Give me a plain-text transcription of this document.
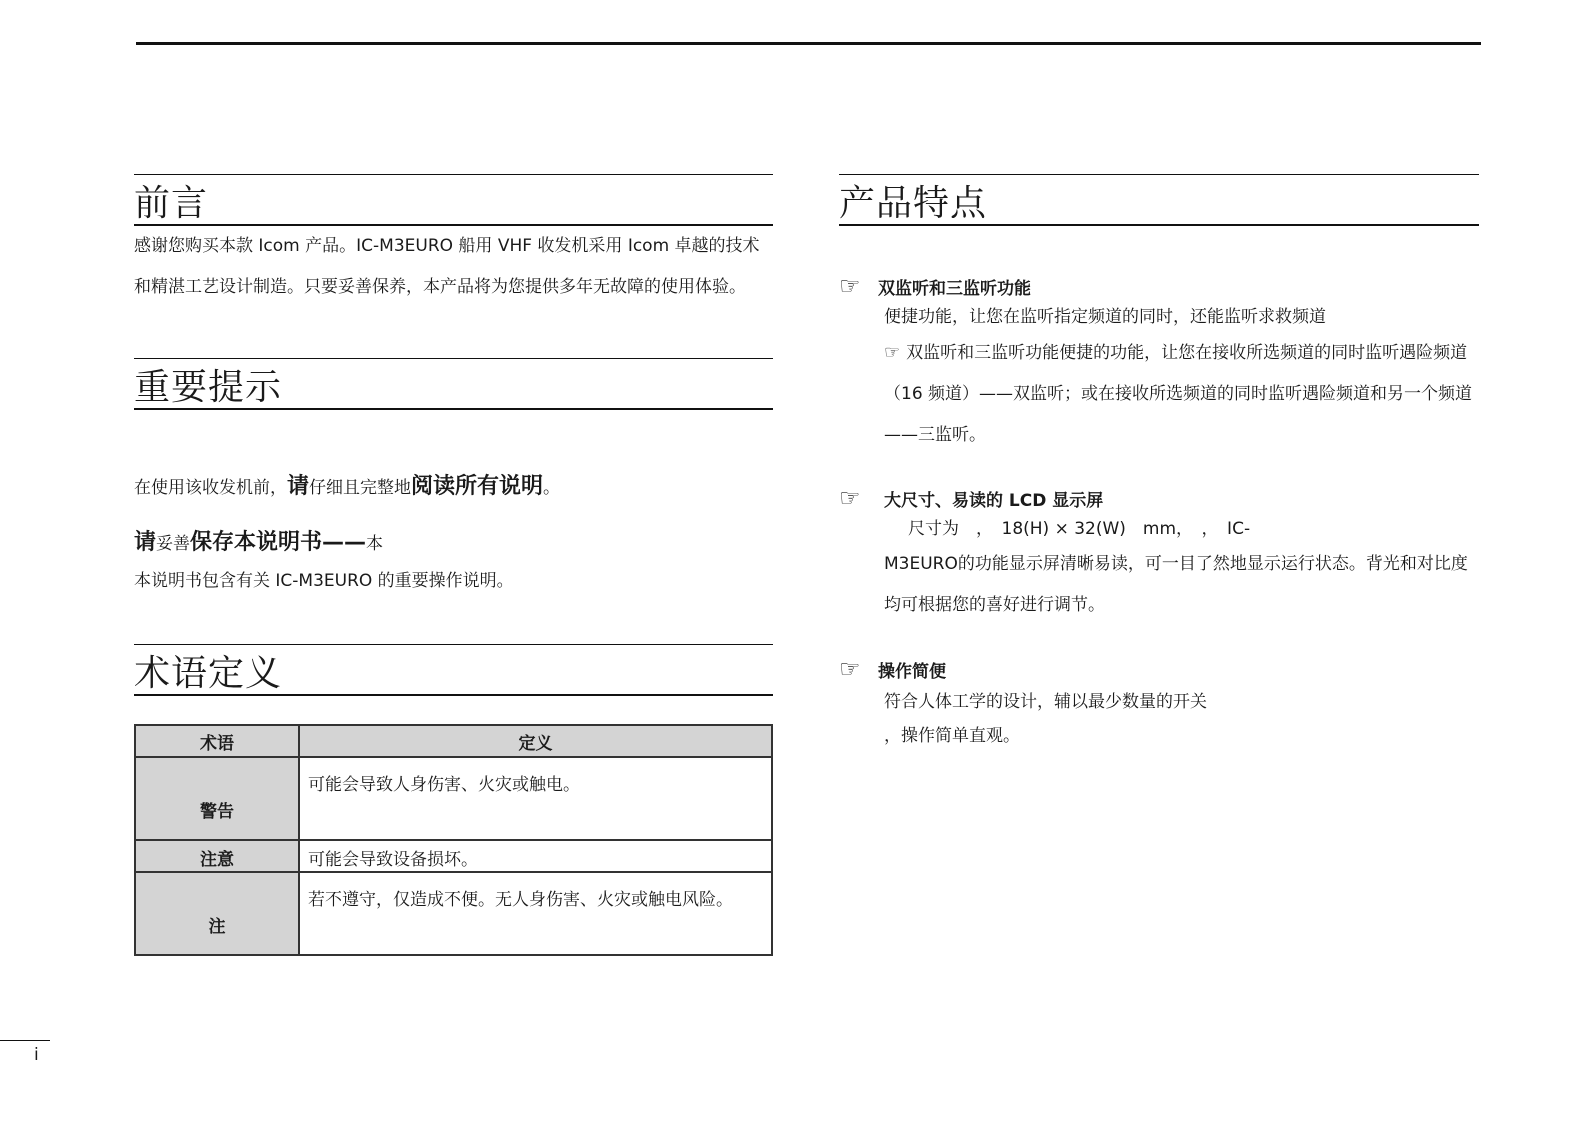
前言

感谢您购买本款 Icom 产品。IC-M3EURO 船用 VHF 收发机采用 Icom 卓越的技术和精湛工艺设计制造。只要妥善保养，本产品将为您提供多年无故障的使用体验。

重要提示
在使用该收发机前，请仔细且完整地阅读所有说明。
请妥善保存本说明书——本
本说明书包含有关 IC-M3EURO 的重要操作说明。
术语定义
术语	定义
警告	可能会导致人身伤害、火灾或触电。
注意	可能会导致设备损坏。
注	若不遵守，仅造成不便。无人身伤害、火灾或触电风险。
产品特点
☞ 双监听和三监听功能
便捷功能，让您在监听指定频道的同时，还能监听求救频道
☞ 双监听和三监听功能便捷的功能，让您在接收所选频道的同时监听遇险频道（16 频道）——双监听；或在接收所选频道的同时监听遇险频道和另一个频道——三监听。
☞ 大尺寸、易读的 LCD 显示屏
尺寸为　，　18(H) × 32(W)　mm，　，　IC-
M3EURO的功能显示屏清晰易读，可一目了然地显示运行状态。背光和对比度均可根据您的喜好进行调节。
☞ 操作简便
符合人体工学的设计，辅以最少数量的开关
，操作简单直观。
i
